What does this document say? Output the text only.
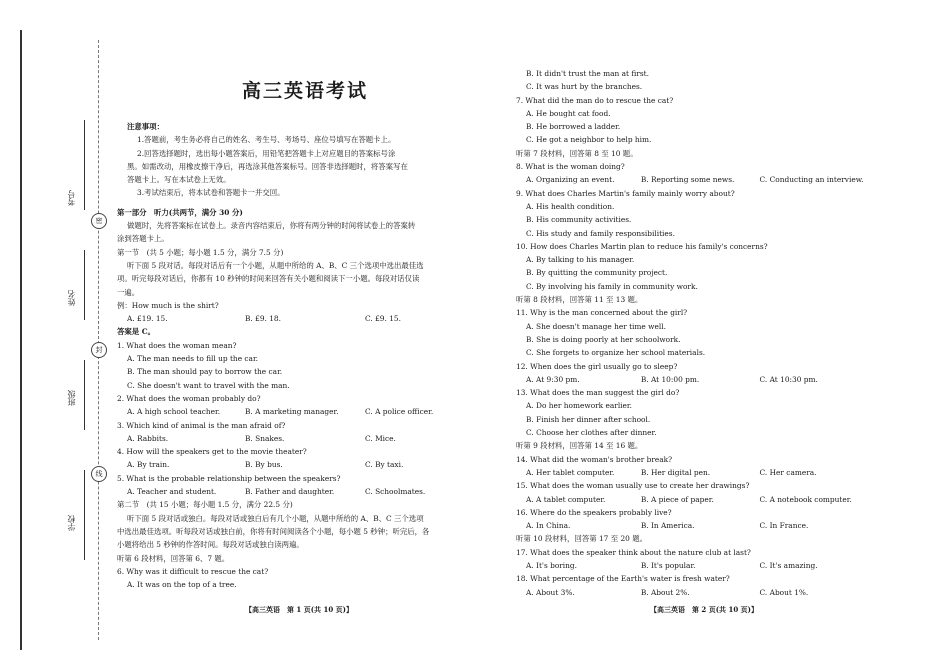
考号
姓名
班级
学校
密
封
线
高三英语考试
注意事项：
1.答题前，考生务必将自己的姓名、考生号、考场号、座位号填写在答题卡上。
2.回答选择题时，选出每小题答案后，用铅笔把答题卡上对应题目的答案标号涂
黑。如需改动，用橡皮擦干净后，再选涂其他答案标号。回答非选择题时，将答案写在
答题卡上。写在本试卷上无效。
3.考试结束后，将本试卷和答题卡一并交回。
第一部分　听力(共两节，满分 30 分)
做题时，先将答案标在试卷上。录音内容结束后，你将有两分钟的时间将试卷上的答案转
涂到答题卡上。
第一节　(共 5 小题；每小题 1.5 分，满分 7.5 分)
听下面 5 段对话。每段对话后有一个小题，从题中所给的 A、B、C 三个选项中选出最佳选
项。听完每段对话后，你都有 10 秒钟的时间来回答有关小题和阅读下一小题。每段对话仅读
一遍。
例：How much is the shirt?
A. £19. 15.	B. £9. 18.	C. £9. 15.
答案是 C。
1. What does the woman mean?
A. The man needs to fill up the car.
B. The man should pay to borrow the car.
C. She doesn't want to travel with the man.
2. What does the woman probably do?
A. A high school teacher.	B. A marketing manager.	C. A police officer.
3. Which kind of animal is the man afraid of?
A. Rabbits.	B. Snakes.	C. Mice.
4. How will the speakers get to the movie theater?
A. By train.	B. By bus.	C. By taxi.
5. What is the probable relationship between the speakers?
A. Teacher and student.	B. Father and daughter.	C. Schoolmates.
第二节　(共 15 小题；每小题 1.5 分，满分 22.5 分)
听下面 5 段对话或独白。每段对话或独白后有几个小题，从题中所给的 A、B、C 三个选项
中选出最佳选项。听每段对话或独白前，你将有时间阅读各个小题，每小题 5 秒钟；听完后，各
小题将给出 5 秒钟的作答时间。每段对话或独白读两遍。
听第 6 段材料，回答第 6、7 题。
6. Why was it difficult to rescue the cat?
A. It was on the top of a tree.
B. It didn't trust the man at first.
C. It was hurt by the branches.
7. What did the man do to rescue the cat?
A. He bought cat food.
B. He borrowed a ladder.
C. He got a neighbor to help him.
听第 7 段材料，回答第 8 至 10 题。
8. What is the woman doing?
A. Organizing an event.	B. Reporting some news.	C. Conducting an interview.
9. What does Charles Martin's family mainly worry about?
A. His health condition.
B. His community activities.
C. His study and family responsibilities.
10. How does Charles Martin plan to reduce his family's concerns?
A. By talking to his manager.
B. By quitting the community project.
C. By involving his family in community work.
听第 8 段材料，回答第 11 至 13 题。
11. Why is the man concerned about the girl?
A. She doesn't manage her time well.
B. She is doing poorly at her schoolwork.
C. She forgets to organize her school materials.
12. When does the girl usually go to sleep?
A. At 9:30 pm.	B. At 10:00 pm.	C. At 10:30 pm.
13. What does the man suggest the girl do?
A. Do her homework earlier.
B. Finish her dinner after school.
C. Choose her clothes after dinner.
听第 9 段材料，回答第 14 至 16 题。
14. What did the woman's brother break?
A. Her tablet computer.	B. Her digital pen.	C. Her camera.
15. What does the woman usually use to create her drawings?
A. A tablet computer.	B. A piece of paper.	C. A notebook computer.
16. Where do the speakers probably live?
A. In China.	B. In America.	C. In France.
听第 10 段材料，回答第 17 至 20 题。
17. What does the speaker think about the nature club at last?
A. It's boring.	B. It's popular.	C. It's amazing.
18. What percentage of the Earth's water is fresh water?
A. About 3%.	B. About 2%.	C. About 1%.
【高三英语　第 1 页(共 10 页)】	【高三英语　第 2 页(共 10 页)】
